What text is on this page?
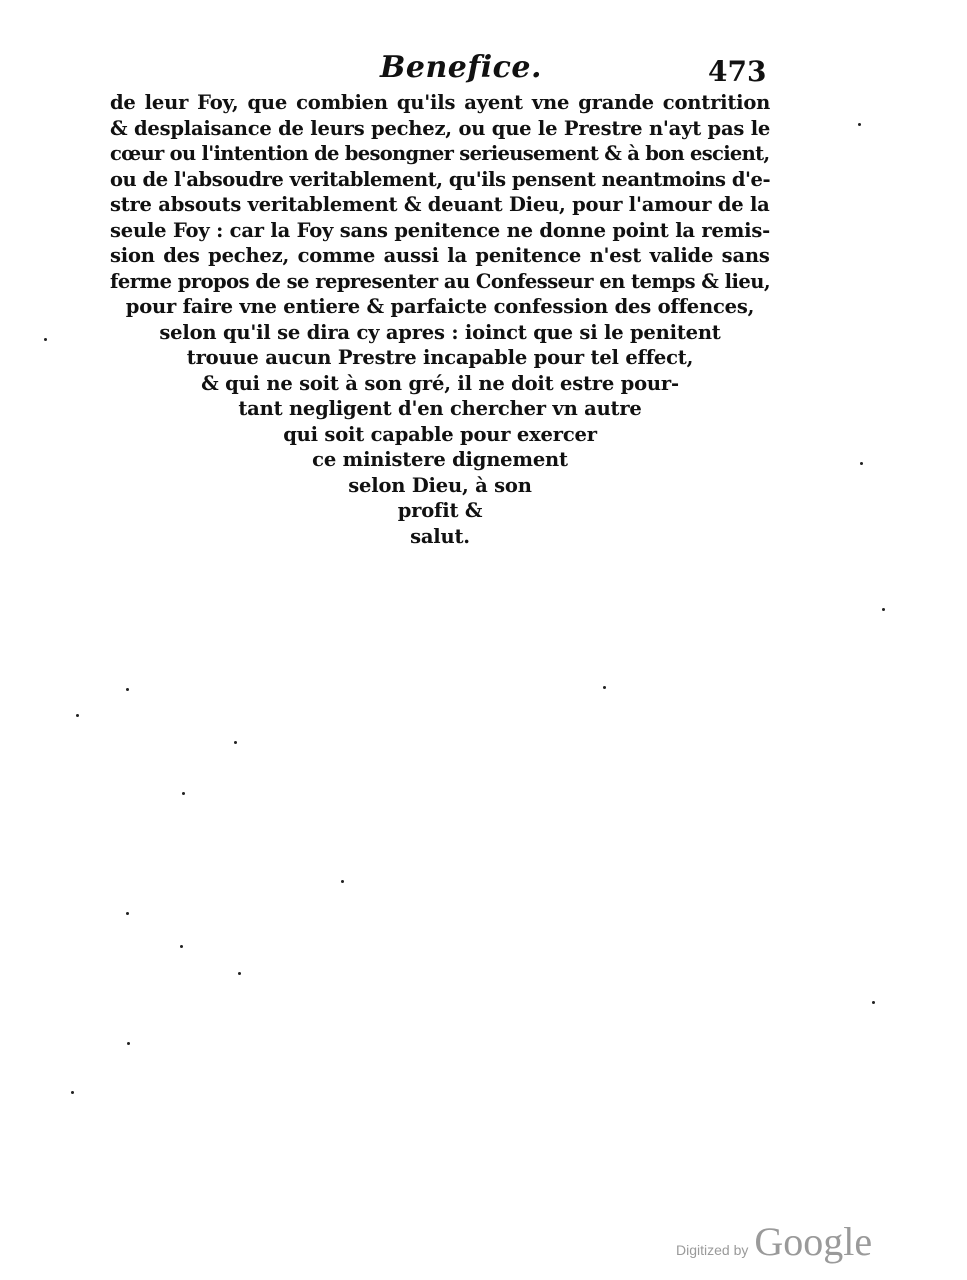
Benefice.	473
de leur Foy, que combien qu'ils ayent vne grande contrition
& desplaisance de leurs pechez, ou que le Prestre n'ayt pas le
cœur ou l'intention de besongner serieusement & à bon escient,
ou de l'absoudre veritablement, qu'ils pensent neantmoins d'e-
stre absouts veritablement & deuant Dieu, pour l'amour de la
seule Foy : car la Foy sans penitence ne donne point la remis-
sion des pechez, comme aussi la penitence n'est valide sans
ferme propos de se representer au Confesseur en temps & lieu,
pour faire vne entiere & parfaicte confession des offences,
selon qu'il se dira cy apres : ioinct que si le penitent
trouue aucun Prestre incapable pour tel effect,
& qui ne soit à son gré, il ne doit estre pour-
tant negligent d'en chercher vn autre
qui soit capable pour exercer
ce ministere dignement
selon Dieu, à son
profit &
salut.
Digitized by Google
